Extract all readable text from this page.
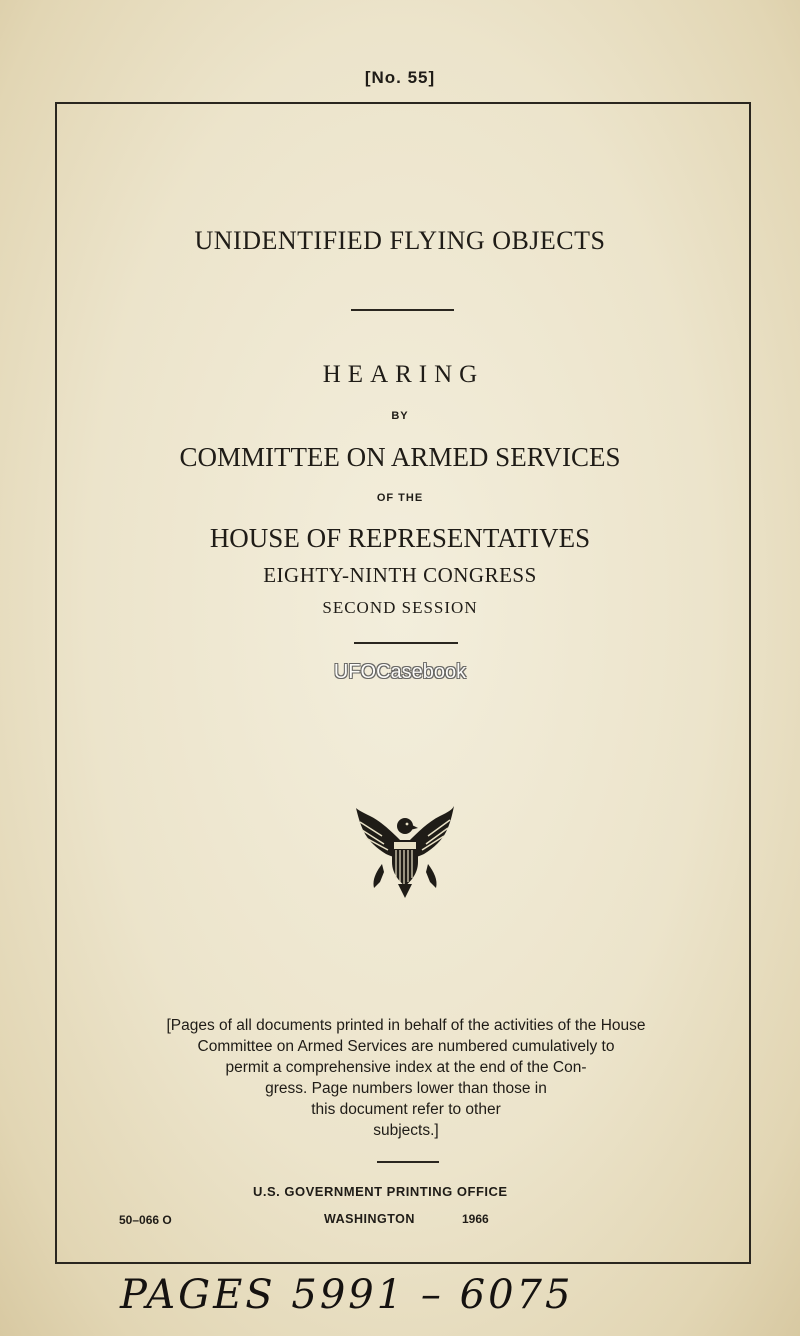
[No. 55]
UNIDENTIFIED FLYING OBJECTS
HEARING
BY
COMMITTEE ON ARMED SERVICES
OF THE
HOUSE OF REPRESENTATIVES
EIGHTY-NINTH CONGRESS
SECOND SESSION
UFOCasebook
[Pages of all documents printed in behalf of the activities of the House
Committee on Armed Services are numbered cumulatively to
permit a comprehensive index at the end of the Con-
gress. Page numbers lower than those in
this document refer to other
subjects.]
U.S. GOVERNMENT PRINTING OFFICE
50–066 O	WASHINGTON	1966
PAGES 5991 – 6075
